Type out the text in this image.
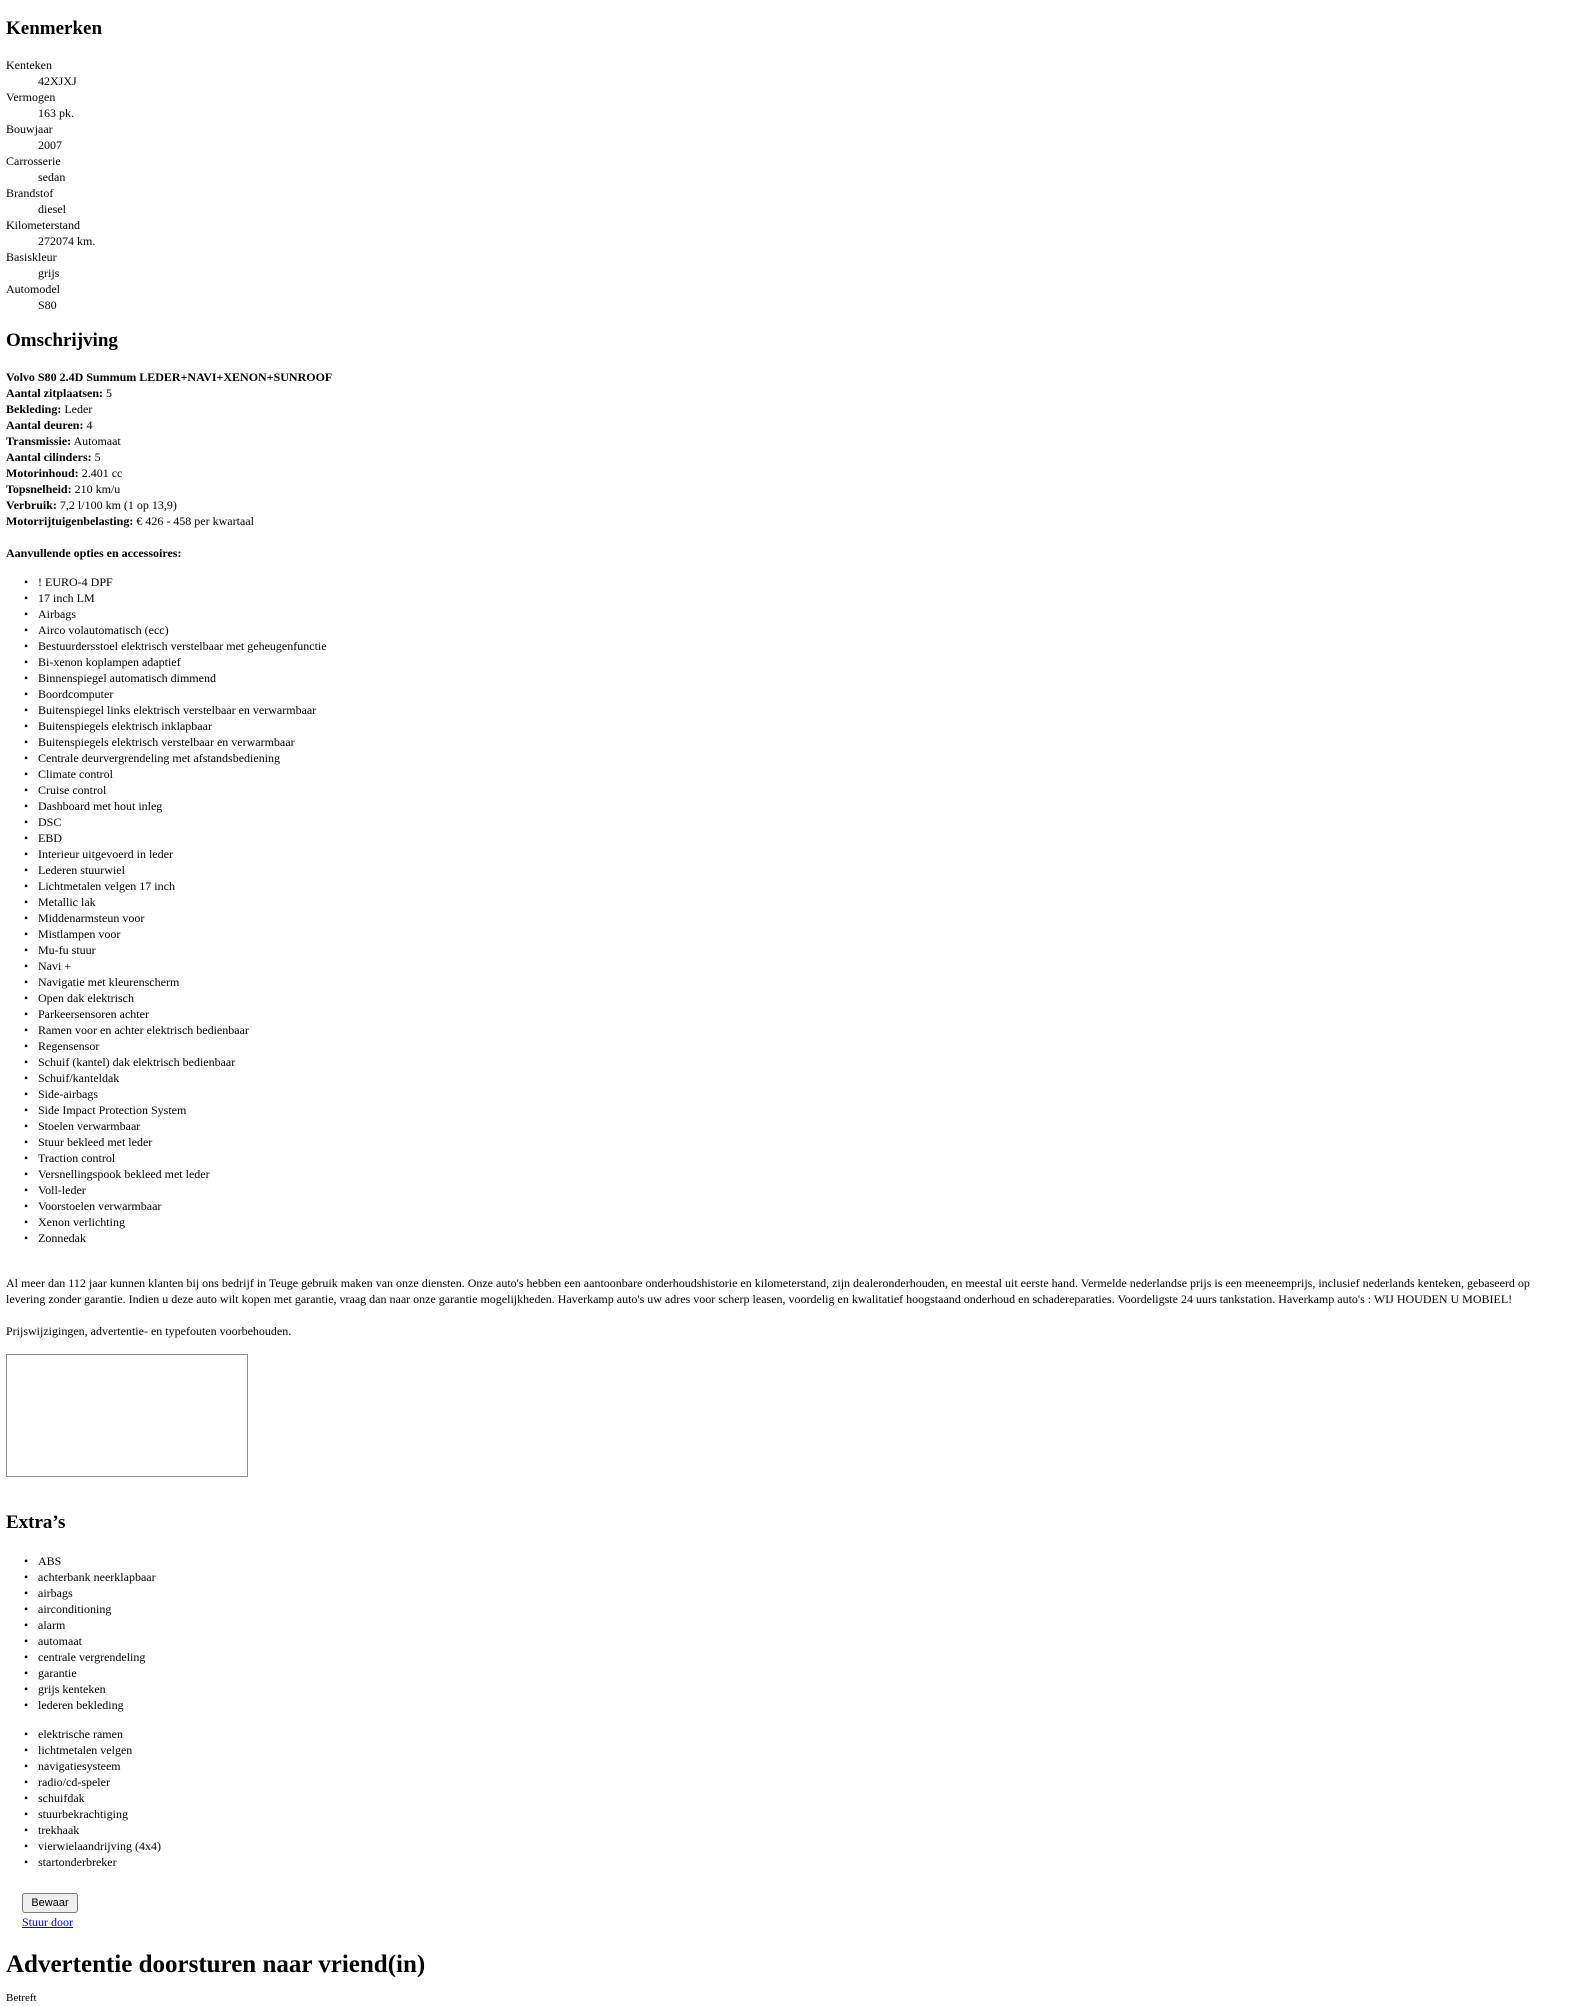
Kenmerken
Kenteken
42XJXJ
Vermogen
163 pk.
Bouwjaar
2007
Carrosserie
sedan
Brandstof
diesel
Kilometerstand
272074 km.
Basiskleur
grijs
Automodel
S80
Omschrijving
Volvo S80 2.4D Summum LEDER+NAVI+XENON+SUNROOF
Aantal zitplaatsen: 5
Bekleding: Leder
Aantal deuren: 4
Transmissie: Automaat
Aantal cilinders: 5
Motorinhoud: 2.401 cc
Topsnelheid: 210 km/u
Verbruik: 7,2 l/100 km (1 op 13,9)
Motorrijtuigenbelasting: € 426 - 458 per kwartaal
Aanvullende opties en accessoires:
• ! EURO-4 DPF
• 17 inch LM
• Airbags
• Airco volautomatisch (ecc)
• Bestuurdersstoel elektrisch verstelbaar met geheugenfunctie
• Bi-xenon koplampen adaptief
• Binnenspiegel automatisch dimmend
• Boordcomputer
• Buitenspiegel links elektrisch verstelbaar en verwarmbaar
• Buitenspiegels elektrisch inklapbaar
• Buitenspiegels elektrisch verstelbaar en verwarmbaar
• Centrale deurvergrendeling met afstandsbediening
• Climate control
• Cruise control
• Dashboard met hout inleg
• DSC
• EBD
• Interieur uitgevoerd in leder
• Lederen stuurwiel
• Lichtmetalen velgen 17 inch
• Metallic lak
• Middenarmsteun voor
• Mistlampen voor
• Mu-fu stuur
• Navi +
• Navigatie met kleurenscherm
• Open dak elektrisch
• Parkeersensoren achter
• Ramen voor en achter elektrisch bedienbaar
• Regensensor
• Schuif (kantel) dak elektrisch bedienbaar
• Schuif/kanteldak
• Side-airbags
• Side Impact Protection System
• Stoelen verwarmbaar
• Stuur bekleed met leder
• Traction control
• Versnellingspook bekleed met leder
• Voll-leder
• Voorstoelen verwarmbaar
• Xenon verlichting
• Zonnedak
Al meer dan 112 jaar kunnen klanten bij ons bedrijf in Teuge gebruik maken van onze diensten. Onze auto's hebben een aantoonbare onderhoudshistorie en kilometerstand, zijn dealeronderhouden, en meestal uit eerste hand. Vermelde nederlandse prijs is een meeneemprijs, inclusief nederlands kenteken, gebaseerd op levering zonder garantie. Indien u deze auto wilt kopen met garantie, vraag dan naar onze garantie mogelijkheden. Haverkamp auto's uw adres voor scherp leasen, voordelig en kwalitatief hoogstaand onderhoud en schadereparaties. Voordeligste 24 uurs tankstation. Haverkamp auto's : WIJ HOUDEN U MOBIEL!
Prijswijzigingen, advertentie- en typefouten voorbehouden.
Extra’s
• ABS
• achterbank neerklapbaar
• airbags
• airconditioning
• alarm
• automaat
• centrale vergrendeling
• garantie
• grijs kenteken
• lederen bekleding
• elektrische ramen
• lichtmetalen velgen
• navigatiesysteem
• radio/cd-speler
• schuifdak
• stuurbekrachtiging
• trekhaak
• vierwielaandrijving (4x4)
• startonderbreker
Bewaar
Stuur door
Advertentie doorsturen naar vriend(in)
Betreft
